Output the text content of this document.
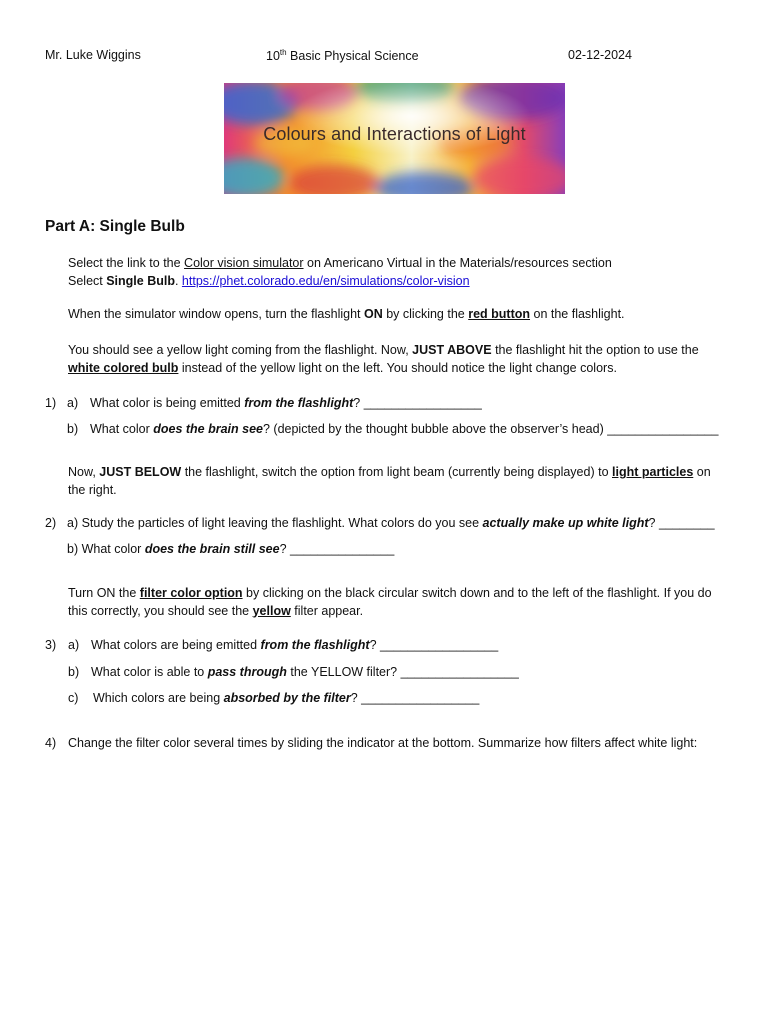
Mr. Luke Wiggins	10th Basic Physical Science	02-12-2024
Colours and Interactions of Light
Part A: Single Bulb
Select the link to the Color vision simulator on Americano Virtual in the Materials/resources section
Select Single Bulb. https://phet.colorado.edu/en/simulations/color-vision
When the simulator window opens, turn the flashlight ON by clicking the red button on the flashlight.
You should see a yellow light coming from the flashlight. Now, JUST ABOVE the flashlight hit the option to use the
white colored bulb instead of the yellow light on the left. You should notice the light change colors.
1) a) What color is being emitted from the flashlight? _________________
b) What color does the brain see? (depicted by the thought bubble above the observer’s head) ________________
Now, JUST BELOW the flashlight, switch the option from light beam (currently being displayed) to light particles on
the right.
2) a) Study the particles of light leaving the flashlight. What colors do you see actually make up white light? ________
b) What color does the brain still see? _______________
Turn ON the filter color option by clicking on the black circular switch down and to the left of the flashlight. If you do
this correctly, you should see the yellow filter appear.
3) a) What colors are being emitted from the flashlight? _________________
b) What color is able to pass through the YELLOW filter? _________________
c) Which colors are being absorbed by the filter? _________________
4) Change the filter color several times by sliding the indicator at the bottom. Summarize how filters affect white light:
